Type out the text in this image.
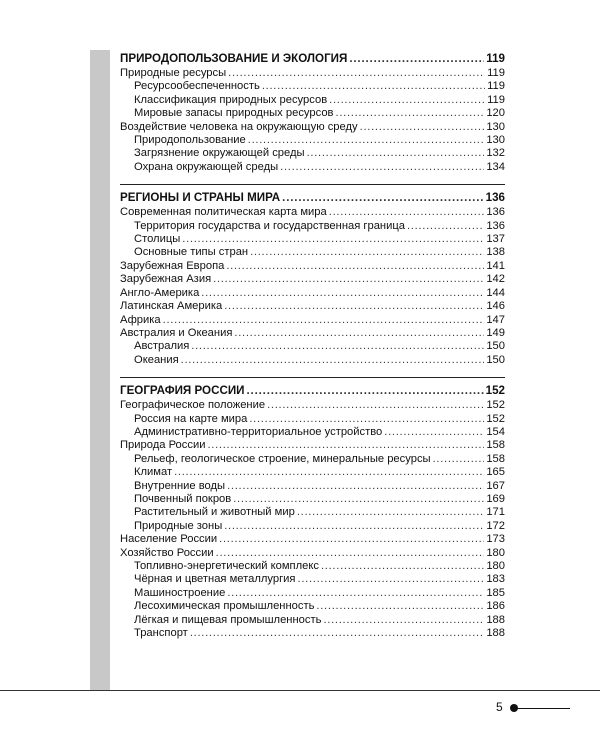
ПРИРОДОПОЛЬЗОВАНИЕ И ЭКОЛОГИЯ . . .	119
Природные ресурсы . . .	119
Ресурсообеспеченность . . .	119
Классификация природных ресурсов . . .	119
Мировые запасы природных ресурсов . . .	120
Воздействие человека на окружающую среду . . .	130
Природопользование . . .	130
Загрязнение окружающей среды . . .	132
Охрана окружающей среды . . .	134
РЕГИОНЫ И СТРАНЫ МИРА . . .	136
Современная политическая карта мира . . .	136
Территория государства и государственная граница . . .	136
Столицы . . .	137
Основные типы стран . . .	138
Зарубежная Европа . . .	141
Зарубежная Азия . . .	142
Англо-Америка . . .	144
Латинская Америка . . .	146
Африка . . .	147
Австралия и Океания . . .	149
Австралия . . .	150
Океания . . .	150
ГЕОГРАФИЯ РОССИИ . . .	152
Географическое положение . . .	152
Россия на карте мира . . .	152
Административно-территориальное устройство . . .	154
Природа России . . .	158
Рельеф, геологическое строение, минеральные ресурсы . . .	158
Климат . . .	165
Внутренние воды . . .	167
Почвенный покров . . .	169
Растительный и животный мир . . .	171
Природные зоны . . .	172
Население России . . .	173
Хозяйство России . . .	180
Топливно-энергетический комплекс . . .	180
Чёрная и цветная металлургия . . .	183
Машиностроение . . .	185
Лесохимическая промышленность . . .	186
Лёгкая и пищевая промышленность . . .	188
Транспорт . . .	188
5
